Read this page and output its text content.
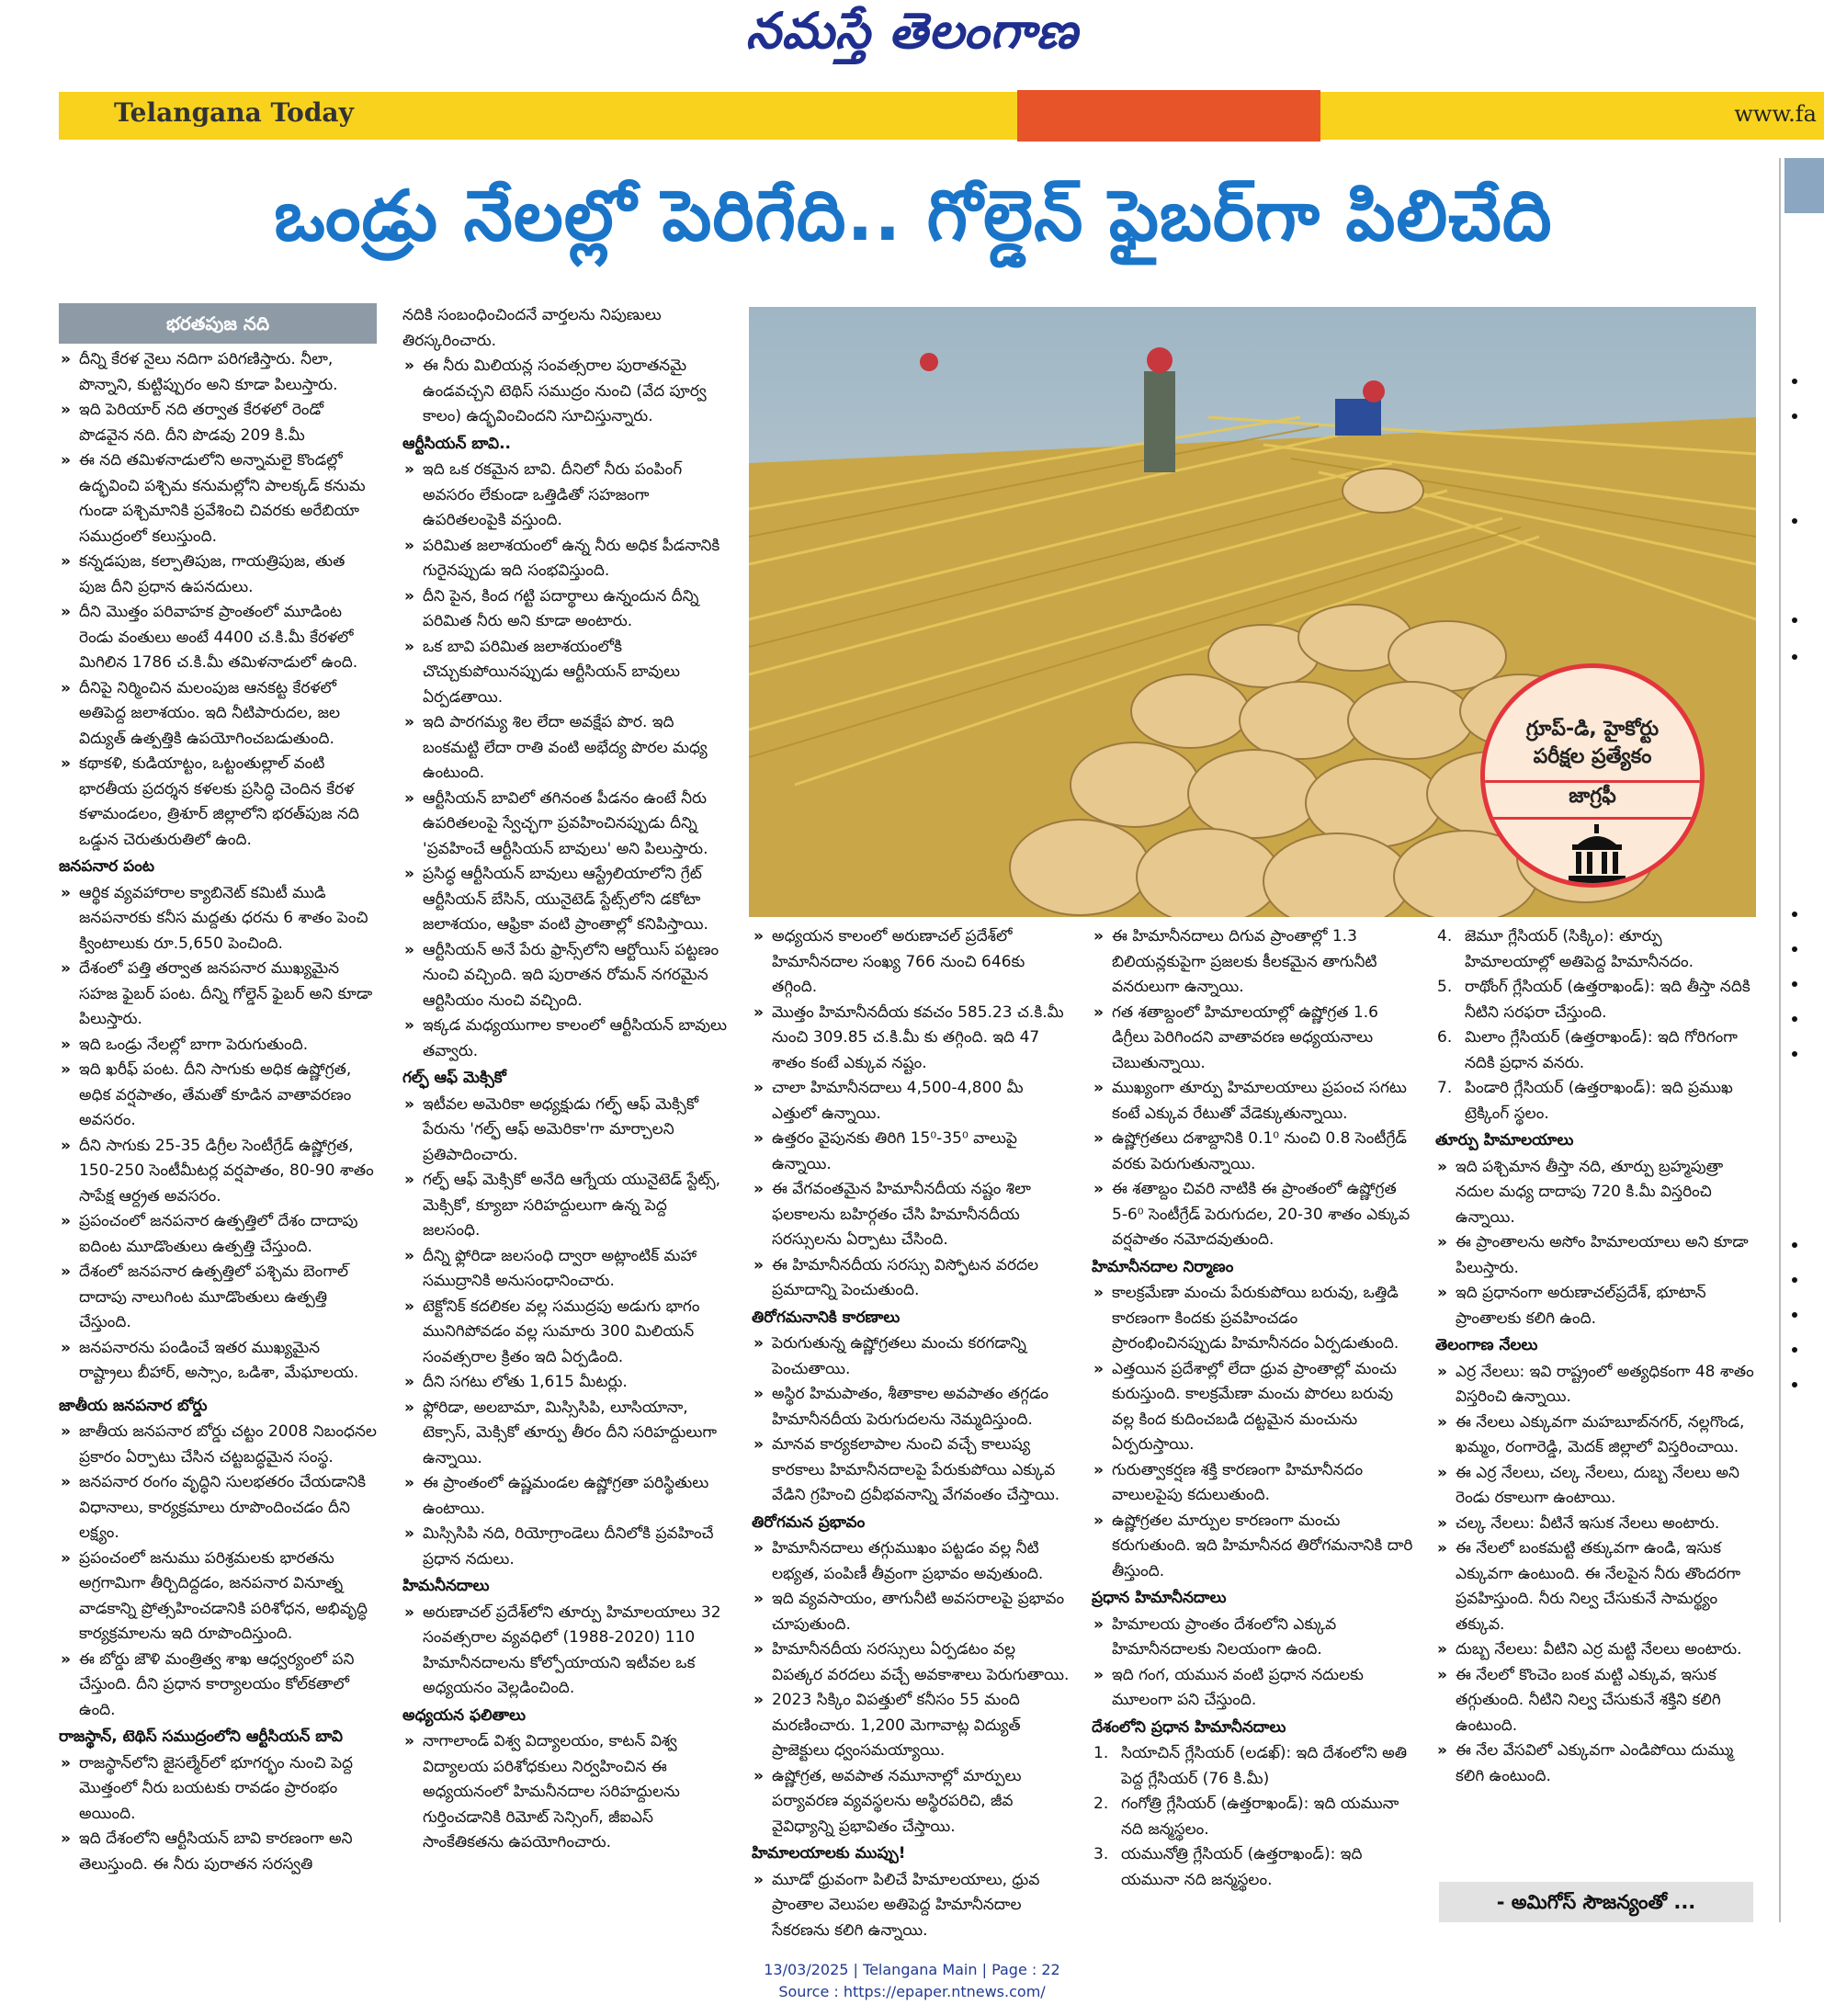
నమస్తే తెలంగాణ
Telangana Today	www.fa
ఒండ్రు నేలల్లో పెరిగేది.. గోల్డెన్ ఫైబర్‌గా పిలిచేది
భరతపుజ నది
» దీన్ని కేరళ నైలు నదిగా పరిగణిస్తారు. నీలా, పొన్నాని, కుట్టిప్పురం అని కూడా పిలుస్తారు.
» ఇది పెరియార్ నది తర్వాత కేరళలో రెండో పొడవైన నది. దీని పొడవు 209 కి.మీ
» ఈ నది తమిళనాడులోని అన్నామలై కొండల్లో ఉద్భవించి పశ్చిమ కనుమల్లోని పాలక్కడ్ కనుమ గుండా పశ్చిమానికి ప్రవేశించి చివరకు అరేబియా సముద్రంలో కలుస్తుంది.
» కన్నడపుజ, కల్పాతిపుజ, గాయత్రిపుజ, తుత పుజ దీని ప్రధాన ఉపనదులు.
» దీని మొత్తం పరివాహక ప్రాంతంలో మూడింట రెండు వంతులు అంటే 4400 చ.కి.మీ కేరళలో మిగిలిన 1786 చ.కి.మీ తమిళనాడులో ఉంది.
» దీనిపై నిర్మించిన మలంపుజ ఆనకట్ట కేరళలో అతిపెద్ద జలాశయం. ఇది నీటిపారుదల, జల విద్యుత్ ఉత్పత్తికి ఉపయోగించబడుతుంది.
» కథాకళి, కుడియాట్టం, ఒట్టంతుల్లాల్ వంటి భారతీయ ప్రదర్శన కళలకు ప్రసిద్ధి చెందిన కేరళ కళామండలం, త్రిశూర్ జిల్లాలోని భరత్‌పుజ నది ఒడ్డున చెరుతురుతిలో ఉంది.
జనపనార పంట
» ఆర్థిక వ్యవహారాల క్యాబినెట్ కమిటీ ముడి జనపనారకు కనీస మద్దతు ధరను 6 శాతం పెంచి క్వింటాలుకు రూ.5,650 పెంచింది.
» దేశంలో పత్తి తర్వాత జనపనార ముఖ్యమైన సహజ ఫైబర్ పంట. దీన్ని గోల్డెన్ ఫైబర్ అని కూడా పిలుస్తారు.
» ఇది ఒండ్రు నేలల్లో బాగా పెరుగుతుంది.
» ఇది ఖరీఫ్ పంట. దీని సాగుకు అధిక ఉష్ణోగ్రత, అధిక వర్షపాతం, తేమతో కూడిన వాతావరణం అవసరం.
» దీని సాగుకు 25-35 డిగ్రీల సెంటీగ్రేడ్ ఉష్ణోగ్రత, 150-250 సెంటీమీటర్ల వర్షపాతం, 80-90 శాతం సాపేక్ష ఆర్ద్రత అవసరం.
» ప్రపంచంలో జనపనార ఉత్పత్తిలో దేశం దాదాపు ఐదింట మూడొంతులు ఉత్పత్తి చేస్తుంది.
» దేశంలో జనపనార ఉత్పత్తిలో పశ్చిమ బెంగాల్ దాదాపు నాలుగింట మూడొంతులు ఉత్పత్తి చేస్తుంది.
» జనపనారను పండించే ఇతర ముఖ్యమైన రాష్ట్రాలు బీహార్, అస్సాం, ఒడిశా, మేఘాలయ.
జాతీయ జనపనార బోర్డు
» జాతీయ జనపనార బోర్డు చట్టం 2008 నిబంధనల ప్రకారం ఏర్పాటు చేసిన చట్టబద్ధమైన సంస్థ.
» జనపనార రంగం వృద్ధిని సులభతరం చేయడానికి విధానాలు, కార్యక్రమాలు రూపొందించడం దీని లక్ష్యం.
» ప్రపంచంలో జనుము పరిశ్రమలకు భారతను అగ్రగామిగా తీర్చిదిద్దడం, జనపనార వినూత్న వాడకాన్ని ప్రోత్సహించడానికి పరిశోధన, అభివృద్ధి కార్యక్రమాలను ఇది రూపొందిస్తుంది.
» ఈ బోర్డు జౌళి మంత్రిత్వ శాఖ ఆధ్వర్యంలో పని చేస్తుంది. దీని ప్రధాన కార్యాలయం కోల్‌కతాలో ఉంది.
రాజస్థాన్, టెథిస్ సముద్రంలోని ఆర్టీసియన్ బావి
» రాజస్థాన్‌లోని జైసల్మేర్‌లో భూగర్భం నుంచి పెద్ద మొత్తంలో నీరు బయటకు రావడం ప్రారంభం అయింది.
» ఇది దేశంలోని ఆర్టీసియన్ బావి కారణంగా అని తెలుస్తుంది. ఈ నీరు పురాతన సరస్వతి
నదికి సంబంధించిందనే వార్తలను నిపుణులు తిరస్కరించారు.
» ఈ నీరు మిలియన్ల సంవత్సరాల పురాతనమై ఉండవచ్చని టెథిస్ సముద్రం నుంచి (వేద పూర్వ కాలం) ఉద్భవించిందని సూచిస్తున్నారు.
ఆర్టీసియన్ బావి..
» ఇది ఒక రకమైన బావి. దీనిలో నీరు పంపింగ్ అవసరం లేకుండా ఒత్తిడితో సహజంగా ఉపరితలంపైకి వస్తుంది.
» పరిమిత జలాశయంలో ఉన్న నీరు అధిక పీడనానికి గురైనప్పుడు ఇది సంభవిస్తుంది.
» దీని పైన, కింద గట్టి పదార్థాలు ఉన్నందున దీన్ని పరిమిత నీరు అని కూడా అంటారు.
» ఒక బావి పరిమిత జలాశయంలోకి చొచ్చుకుపోయినప్పుడు ఆర్టీసియన్ బావులు ఏర్పడతాయి.
» ఇది పారగమ్య శిల లేదా అవక్షేప పొర. ఇది బంకమట్టి లేదా రాతి వంటి అభేద్య పొరల మధ్య ఉంటుంది.
» ఆర్టీసియన్ బావిలో తగినంత పీడనం ఉంటే నీరు ఉపరితలంపై స్వేచ్ఛగా ప్రవహించినప్పుడు దీన్ని 'ప్రవహించే ఆర్టీసియన్ బావులు' అని పిలుస్తారు.
» ప్రసిద్ధ ఆర్టీసియన్ బావులు ఆస్ట్రేలియాలోని గ్రేట్ ఆర్టీసియన్ బేసిన్, యునైటెడ్ స్టేట్స్‌లోని డకోటా జలాశయం, ఆఫ్రికా వంటి ప్రాంతాల్లో కనిపిస్తాయి.
» ఆర్టీసియన్ అనే పేరు ఫ్రాన్స్‌లోని ఆర్టోయిస్ పట్టణం నుంచి వచ్చింది. ఇది పురాతన రోమన్ నగరమైన ఆర్టిసియం నుంచి వచ్చింది.
» ఇక్కడ మధ్యయుగాల కాలంలో ఆర్టీసియన్ బావులు తవ్వారు.
గల్ఫ్ ఆఫ్ మెక్సికో
» ఇటీవల అమెరికా అధ్యక్షుడు గల్ఫ్ ఆఫ్ మెక్సికో పేరును 'గల్ఫ్ ఆఫ్ అమెరికా'గా మార్చాలని ప్రతిపాదించారు.
» గల్ఫ్ ఆఫ్ మెక్సికో అనేది ఆగ్నేయ యునైటెడ్ స్టేట్స్, మెక్సికో, క్యూబా సరిహద్దులుగా ఉన్న పెద్ద జలసంధి.
» దీన్ని ఫ్లోరిడా జలసంధి ద్వారా అట్లాంటిక్ మహా సముద్రానికి అనుసంధానించారు.
» టెక్టోనిక్ కదలికల వల్ల సముద్రపు అడుగు భాగం మునిగిపోవడం వల్ల సుమారు 300 మిలియన్ సంవత్సరాల క్రితం ఇది ఏర్పడింది.
» దీని సగటు లోతు 1,615 మీటర్లు.
» ఫ్లోరిడా, అలబామా, మిస్సిసిపి, లూసియానా, టెక్సాస్, మెక్సికో తూర్పు తీరం దీని సరిహద్దులుగా ఉన్నాయి.
» ఈ ప్రాంతంలో ఉష్ణమండల ఉష్ణోగ్రతా పరిస్థితులు ఉంటాయి.
» మిస్సిసిపి నది, రియోగ్రాండెలు దీనిలోకి ప్రవహించే ప్రధాన నదులు.
హిమనీనదాలు
» అరుణాచల్ ప్రదేశ్‌లోని తూర్పు హిమాలయాలు 32 సంవత్సరాల వ్యవధిలో (1988-2020) 110 హిమానీనదాలను కోల్పోయాయని ఇటీవల ఒక అధ్యయనం వెల్లడించింది.
అధ్యయన ఫలితాలు
» నాగాలాండ్ విశ్వ విద్యాలయం, కాటన్ విశ్వ విద్యాలయ పరిశోధకులు నిర్వహించిన ఈ అధ్యయనంలో హిమనీనదాల సరిహద్దులను గుర్తించడానికి రిమోట్ సెన్సింగ్, జీఐఎస్ సాంకేతికతను ఉపయోగించారు.
గ్రూప్-డి, హైకోర్టు
పరీక్షల ప్రత్యేకం
జాగ్రఫీ
» అధ్యయన కాలంలో అరుణాచల్ ప్రదేశ్‌లో హిమానీనదాల సంఖ్య 766 నుంచి 646కు తగ్గింది.
» మొత్తం హిమానీనదీయ కవచం 585.23 చ.కి.మీ నుంచి 309.85 చ.కి.మీ కు తగ్గింది. ఇది 47 శాతం కంటే ఎక్కువ నష్టం.
» చాలా హిమానీనదాలు 4,500-4,800 మీ ఎత్తులో ఉన్నాయి.
» ఉత్తరం వైపునకు తిరిగి 15⁰-35⁰ వాలుపై ఉన్నాయి.
» ఈ వేగవంతమైన హిమానీనదీయ నష్టం శిలా ఫలకాలను బహిర్గతం చేసి హిమానీనదీయ సరస్సులను ఏర్పాటు చేసింది.
» ఈ హిమానీనదీయ సరస్సు విస్ఫోటన వరదల ప్రమాదాన్ని పెంచుతుంది.
తిరోగమనానికి కారణాలు
» పెరుగుతున్న ఉష్ణోగ్రతలు మంచు కరగడాన్ని పెంచుతాయి.
» అస్థిర హిమపాతం, శీతాకాల అవపాతం తగ్గడం హిమానీనదీయ పెరుగుదలను నెమ్మదిస్తుంది.
» మానవ కార్యకలాపాల నుంచి వచ్చే కాలుష్య కారకాలు హిమానీనదాలపై పేరుకుపోయి ఎక్కువ వేడిని గ్రహించి ద్రవీభవనాన్ని వేగవంతం చేస్తాయి.
తిరోగమన ప్రభావం
» హిమానీనదాలు తగ్గుముఖం పట్టడం వల్ల నీటి లభ్యత, పంపిణీ తీవ్రంగా ప్రభావం అవుతుంది.
» ఇది వ్యవసాయం, తాగునీటి అవసరాలపై ప్రభావం చూపుతుంది.
» హిమానీనదీయ సరస్సులు ఏర్పడటం వల్ల విపత్కర వరదలు వచ్చే అవకాశాలు పెరుగుతాయి.
» 2023 సిక్కిం విపత్తులో కనీసం 55 మంది మరణించారు. 1,200 మెగావాట్ల విద్యుత్ ప్రాజెక్టులు ధ్వంసమయ్యాయి.
» ఉష్ణోగ్రత, అవపాత నమూనాల్లో మార్పులు పర్యావరణ వ్యవస్థలను అస్థిరపరిచి, జీవ వైవిధ్యాన్ని ప్రభావితం చేస్తాయి.
హిమాలయాలకు ముప్పు!
» మూడో ధ్రువంగా పిలిచే హిమాలయాలు, ధ్రువ ప్రాంతాల వెలుపల అతిపెద్ద హిమానీనదాల సేకరణను కలిగి ఉన్నాయి.
» ఈ హిమానీనదాలు దిగువ ప్రాంతాల్లో 1.3 బిలియన్లకుపైగా ప్రజలకు కీలకమైన తాగునీటి వనరులుగా ఉన్నాయి.
» గత శతాబ్దంలో హిమాలయాల్లో ఉష్ణోగ్రత 1.6 డిగ్రీలు పెరిగిందని వాతావరణ అధ్యయనాలు చెబుతున్నాయి.
» ముఖ్యంగా తూర్పు హిమాలయాలు ప్రపంచ సగటు కంటే ఎక్కువ రేటుతో వేడెక్కుతున్నాయి.
» ఉష్ణోగ్రతలు దశాబ్దానికి 0.1⁰ నుంచి 0.8 సెంటీగ్రేడ్ వరకు పెరుగుతున్నాయి.
» ఈ శతాబ్దం చివరి నాటికి ఈ ప్రాంతంలో ఉష్ణోగ్రత 5-6⁰ సెంటీగ్రేడ్ పెరుగుదల, 20-30 శాతం ఎక్కువ వర్షపాతం నమోదవుతుంది.
హిమానీనదాల నిర్మాణం
» కాలక్రమేణా మంచు పేరుకుపోయి బరువు, ఒత్తిడి కారణంగా కిందకు ప్రవహించడం ప్రారంభించినప్పుడు హిమానీనదం ఏర్పడుతుంది.
» ఎత్తయిన ప్రదేశాల్లో లేదా ధ్రువ ప్రాంతాల్లో మంచు కురుస్తుంది. కాలక్రమేణా మంచు పొరలు బరువు వల్ల కింద కుదించబడి దట్టమైన మంచును ఏర్పరుస్తాయి.
» గురుత్వాకర్షణ శక్తి కారణంగా హిమానీనదం వాలులపైపు కదులుతుంది.
» ఉష్ణోగ్రతల మార్పుల కారణంగా మంచు కరుగుతుంది. ఇది హిమానీనద తిరోగమనానికి దారి తీస్తుంది.
ప్రధాన హిమానీనదాలు
» హిమాలయ ప్రాంతం దేశంలోని ఎక్కువ హిమానీనదాలకు నిలయంగా ఉంది.
» ఇది గంగ, యమున వంటి ప్రధాన నదులకు మూలంగా పని చేస్తుంది.
దేశంలోని ప్రధాన హిమానీనదాలు
1. సియాచిన్ గ్లేసియర్ (లడఖ్): ఇది దేశంలోని అతి పెద్ద గ్లేసియర్ (76 కి.మీ)
2. గంగోత్రి గ్లేసియర్ (ఉత్తరాఖండ్): ఇది యమునా నది జన్మస్థలం.
3. యమునోత్రి గ్లేసియర్ (ఉత్తరాఖండ్): ఇది యమునా నది జన్మస్థలం.
4. జెమూ గ్లేసియర్ (సిక్కిం): తూర్పు హిమాలయాల్లో అతిపెద్ద హిమానీనదం.
5. రాథోంగ్ గ్లేసియర్ (ఉత్తరాఖండ్): ఇది తీస్తా నదికి నీటిని సరఫరా చేస్తుంది.
6. మిలాం గ్లేసియర్ (ఉత్తరాఖండ్): ఇది గోరిగంగా నదికి ప్రధాన వనరు.
7. పిండారి గ్లేసియర్ (ఉత్తరాఖండ్): ఇది ప్రముఖ ట్రెక్కింగ్ స్థలం.
తూర్పు హిమాలయాలు
» ఇది పశ్చిమాన తీస్తా నది, తూర్పు బ్రహ్మపుత్రా నదుల మధ్య దాదాపు 720 కి.మీ విస్తరించి ఉన్నాయి.
» ఈ ప్రాంతాలను అసోం హిమాలయాలు అని కూడా పిలుస్తారు.
» ఇది ప్రధానంగా అరుణాచల్‌ప్రదేశ్, భూటాన్ ప్రాంతాలకు కలిగి ఉంది.
తెలంగాణ నేలలు
» ఎర్ర నేలలు: ఇవి రాష్ట్రంలో అత్యధికంగా 48 శాతం విస్తరించి ఉన్నాయి.
» ఈ నేలలు ఎక్కువగా మహబూబ్‌నగర్, నల్లగొండ, ఖమ్మం, రంగారెడ్డి, మెదక్ జిల్లాలో విస్తరించాయి.
» ఈ ఎర్ర నేలలు, చల్క నేలలు, దుబ్బ నేలలు అని రెండు రకాలుగా ఉంటాయి.
» చల్క నేలలు: వీటినే ఇసుక నేలలు అంటారు.
» ఈ నేలలో బంకమట్టి తక్కువగా ఉండి, ఇసుక ఎక్కువగా ఉంటుంది. ఈ నేలపైన నీరు తొందరగా ప్రవహిస్తుంది. నీరు నిల్వ చేసుకునే సామర్థ్యం తక్కువ.
» దుబ్బ నేలలు: వీటిని ఎర్ర మట్టి నేలలు అంటారు.
» ఈ నేలలో కొంచెం బంక మట్టి ఎక్కువ, ఇసుక తగ్గుతుంది. నీటిని నిల్వ చేసుకునే శక్తిని కలిగి ఉంటుంది.
» ఈ నేల వేసవిలో ఎక్కువగా ఎండిపోయి దుమ్ము కలిగి ఉంటుంది.
- అమిగోస్ సౌజన్యంతో ...
13/03/2025 | Telangana Main | Page : 22
Source : https://epaper.ntnews.com/
